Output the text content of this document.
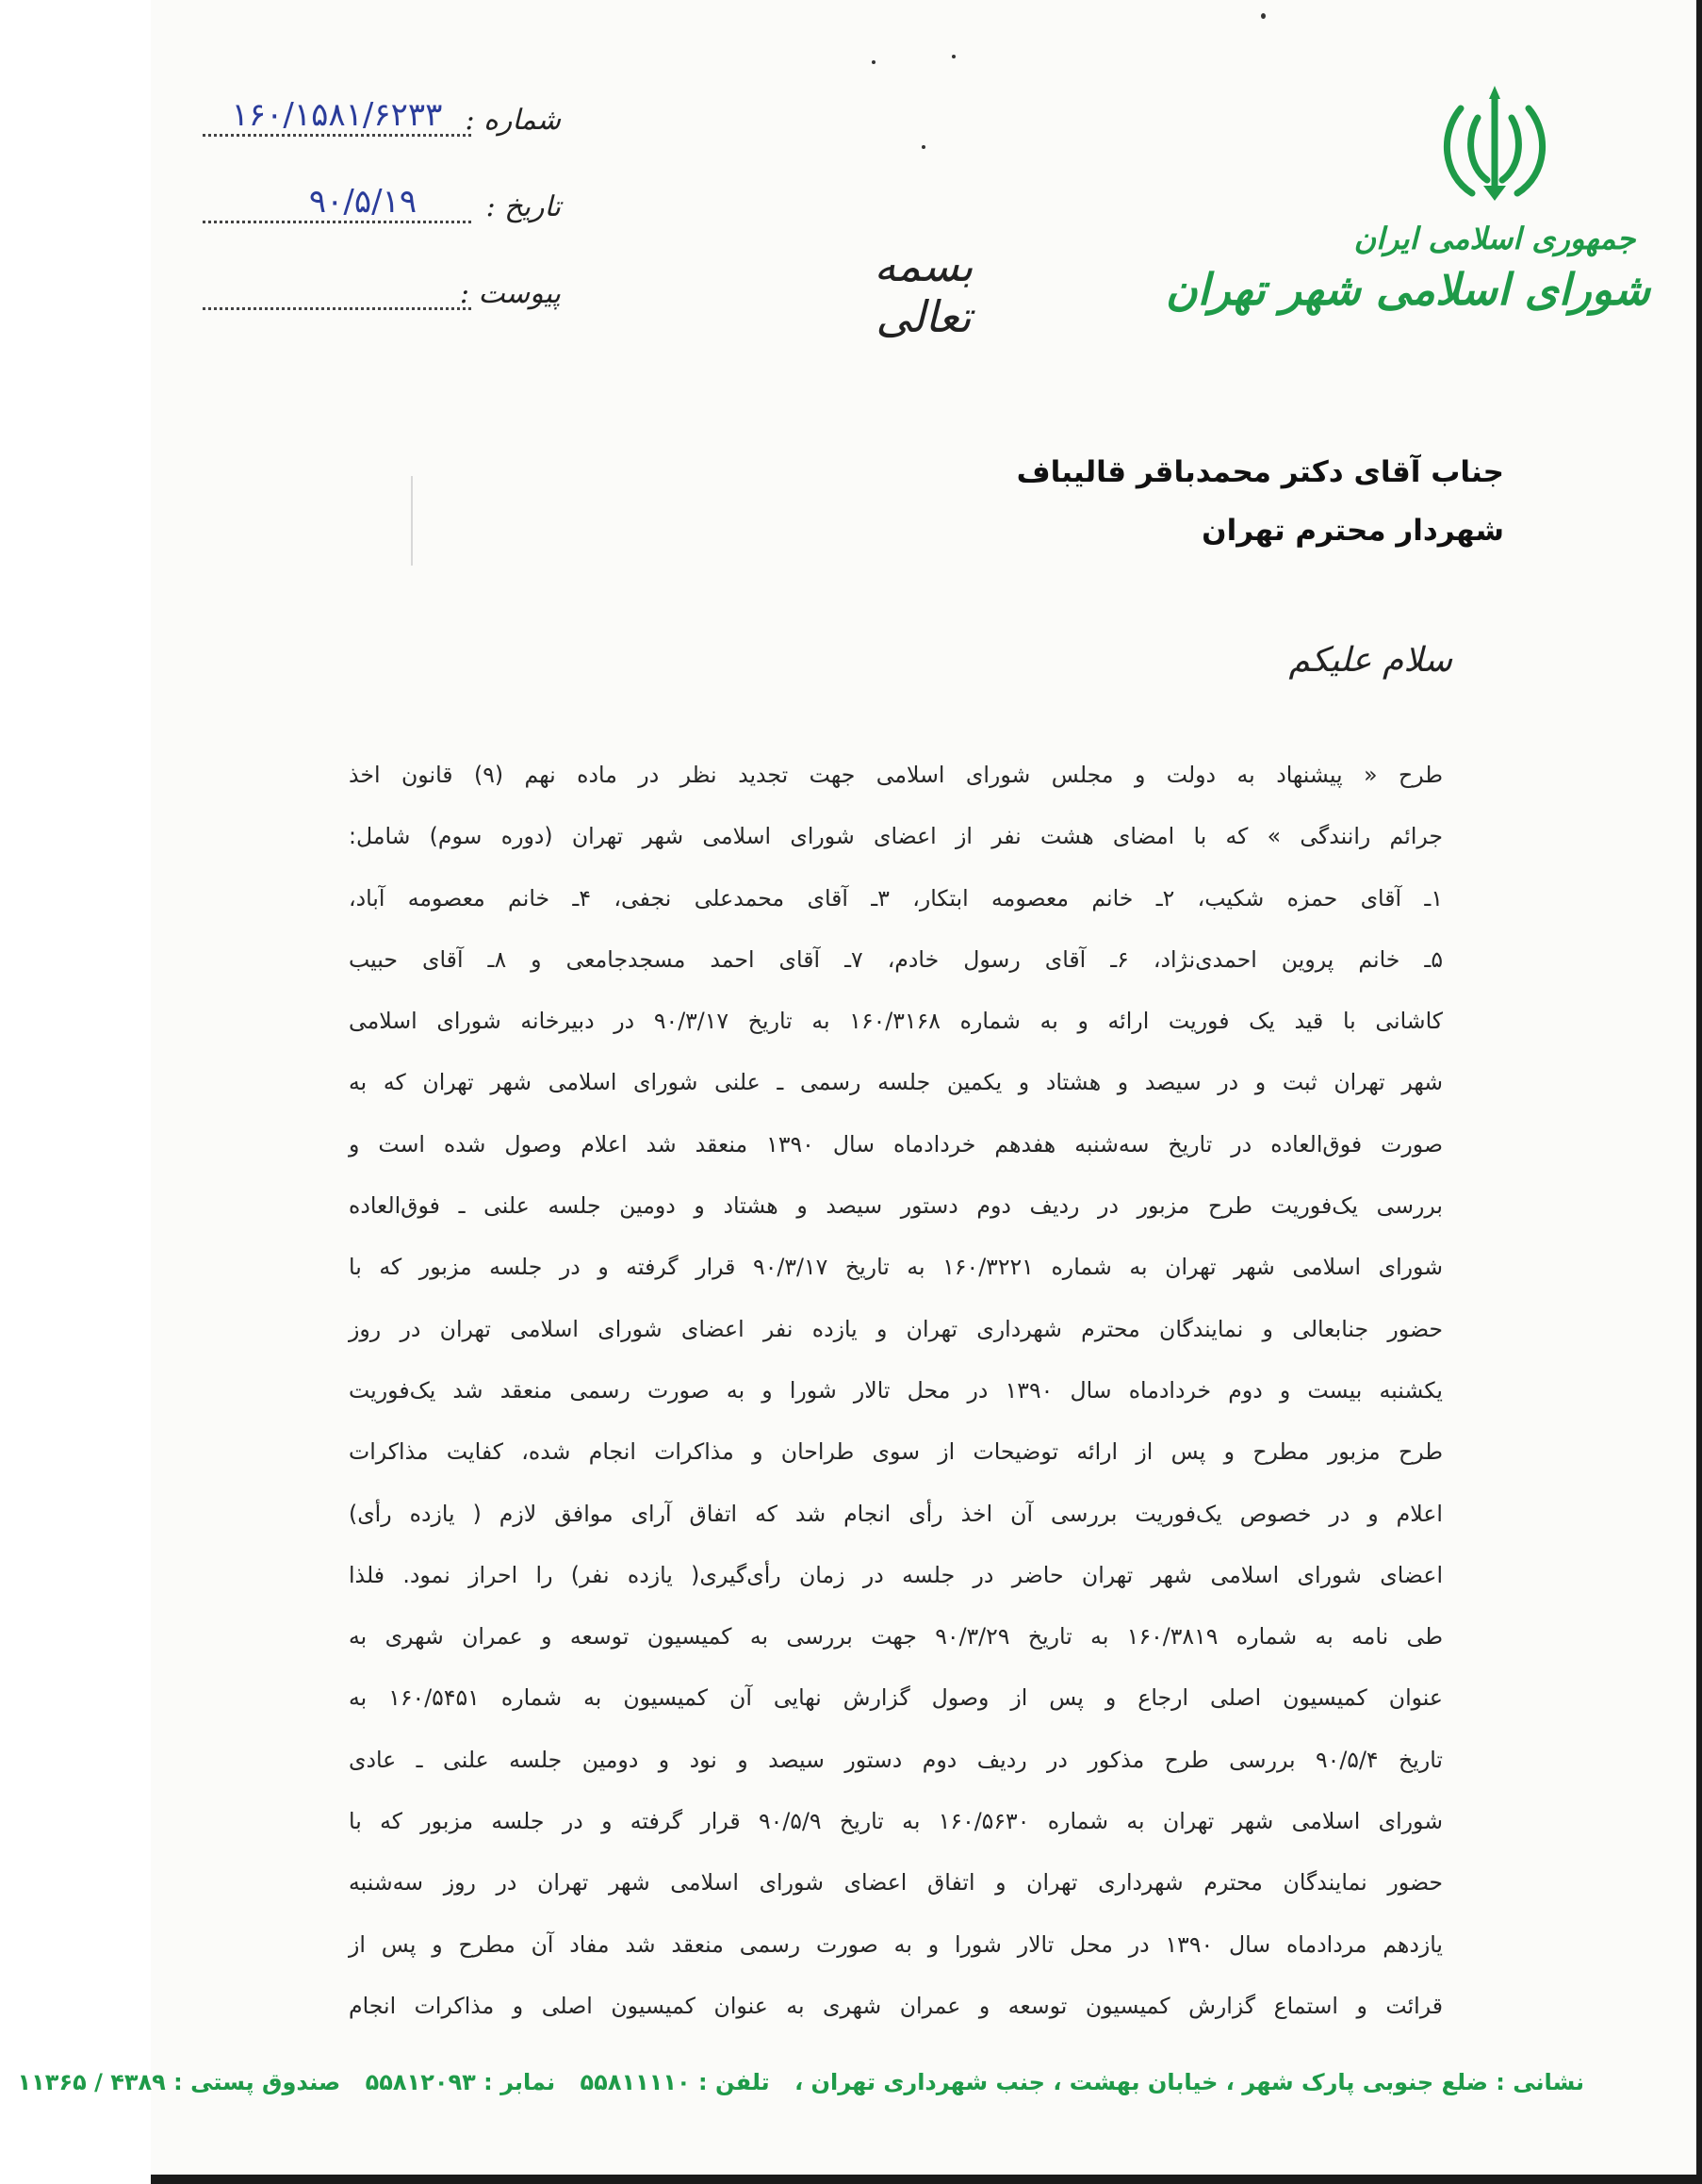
جمهوری اسلامی ایران
شورای اسلامی شهر تهران
بسمه تعالی
شماره :
۱۶۰/۱۵۸۱/۶۲۳۳
تاریخ :
۹۰/۵/۱۹
پیوست :
جناب آقای دکتر محمدباقر قالیباف
شهردار محترم تهران
سلام علیکم
طرح « پیشنهاد به دولت و مجلس شورای اسلامی جهت تجدید نظر در ماده نهم (۹) قانون اخذ
جرائم رانندگی » که با امضای هشت نفر از اعضای شورای اسلامی شهر تهران (دوره سوم) شامل:
۱ـ آقای حمزه شکیب، ۲ـ خانم معصومه ابتکار، ۳ـ آقای محمدعلی نجفی، ۴ـ خانم معصومه آباد،
۵ـ خانم پروین احمدی‌نژاد، ۶ـ آقای رسول خادم، ۷ـ آقای احمد مسجدجامعی و ۸ـ آقای حبیب
کاشانی با قید یک فوریت ارائه و به شماره ۱۶۰/۳۱۶۸ به تاریخ ۹۰/۳/۱۷ در دبیرخانه شورای اسلامی
شهر تهران ثبت و در سیصد و هشتاد و یکمین جلسه رسمی ـ علنی شورای اسلامی شهر تهران که به
صورت فوق‌العاده در تاریخ سه‌شنبه هفدهم خردادماه سال ۱۳۹۰ منعقد شد اعلام وصول شده است و
بررسی یک‌فوریت طرح مزبور در ردیف دوم دستور سیصد و هشتاد و دومین جلسه علنی ـ فوق‌العاده
شورای اسلامی شهر تهران به شماره ۱۶۰/۳۲۲۱ به تاریخ ۹۰/۳/۱۷ قرار گرفته و در جلسه مزبور که با
حضور جنابعالی و نمایندگان محترم شهرداری تهران و یازده نفر اعضای شورای اسلامی تهران در روز
یکشنبه بیست و دوم خردادماه سال ۱۳۹۰ در محل تالار شورا و به صورت رسمی منعقد شد یک‌فوریت
طرح مزبور مطرح و پس از ارائه توضیحات از سوی طراحان و مذاکرات انجام شده، کفایت مذاکرات
اعلام و در خصوص یک‌فوریت بررسی آن اخذ رأی انجام شد که اتفاق آرای موافق لازم ( یازده رأی)
اعضای شورای اسلامی شهر تهران حاضر در جلسه در زمان رأی‌گیری( یازده نفر) را احراز نمود. فلذا
طی نامه به شماره ۱۶۰/۳۸۱۹ به تاریخ ۹۰/۳/۲۹ جهت بررسی به کمیسیون توسعه و عمران شهری به
عنوان کمیسیون اصلی ارجاع و پس از وصول گزارش نهایی آن کمیسیون به شماره ۱۶۰/۵۴۵۱ به
تاریخ ۹۰/۵/۴ بررسی طرح مذکور در ردیف دوم دستور سیصد و نود و دومین جلسه علنی ـ عادی
شورای اسلامی شهر تهران به شماره ۱۶۰/۵۶۳۰ به تاریخ ۹۰/۵/۹ قرار گرفته و در جلسه مزبور که با
حضور نمایندگان محترم شهرداری تهران و اتفاق اعضای شورای اسلامی شهر تهران در روز سه‌شنبه
یازدهم مردادماه سال ۱۳۹۰ در محل تالار شورا و به صورت رسمی منعقد شد مفاد آن مطرح و پس از
قرائت و استماع گزارش کمیسیون توسعه و عمران شهری به عنوان کمیسیون اصلی و مذاکرات انجام
نشانی : ضلع جنوبی پارک شهر ، خیابان بهشت ، جنب شهرداری تهران ، تلفن : ۵۵۸۱۱۱۱۰ نمابر : ۵۵۸۱۲۰۹۳ صندوق پستی : ۴۳۸۹ / ۱۱۳۶۵
